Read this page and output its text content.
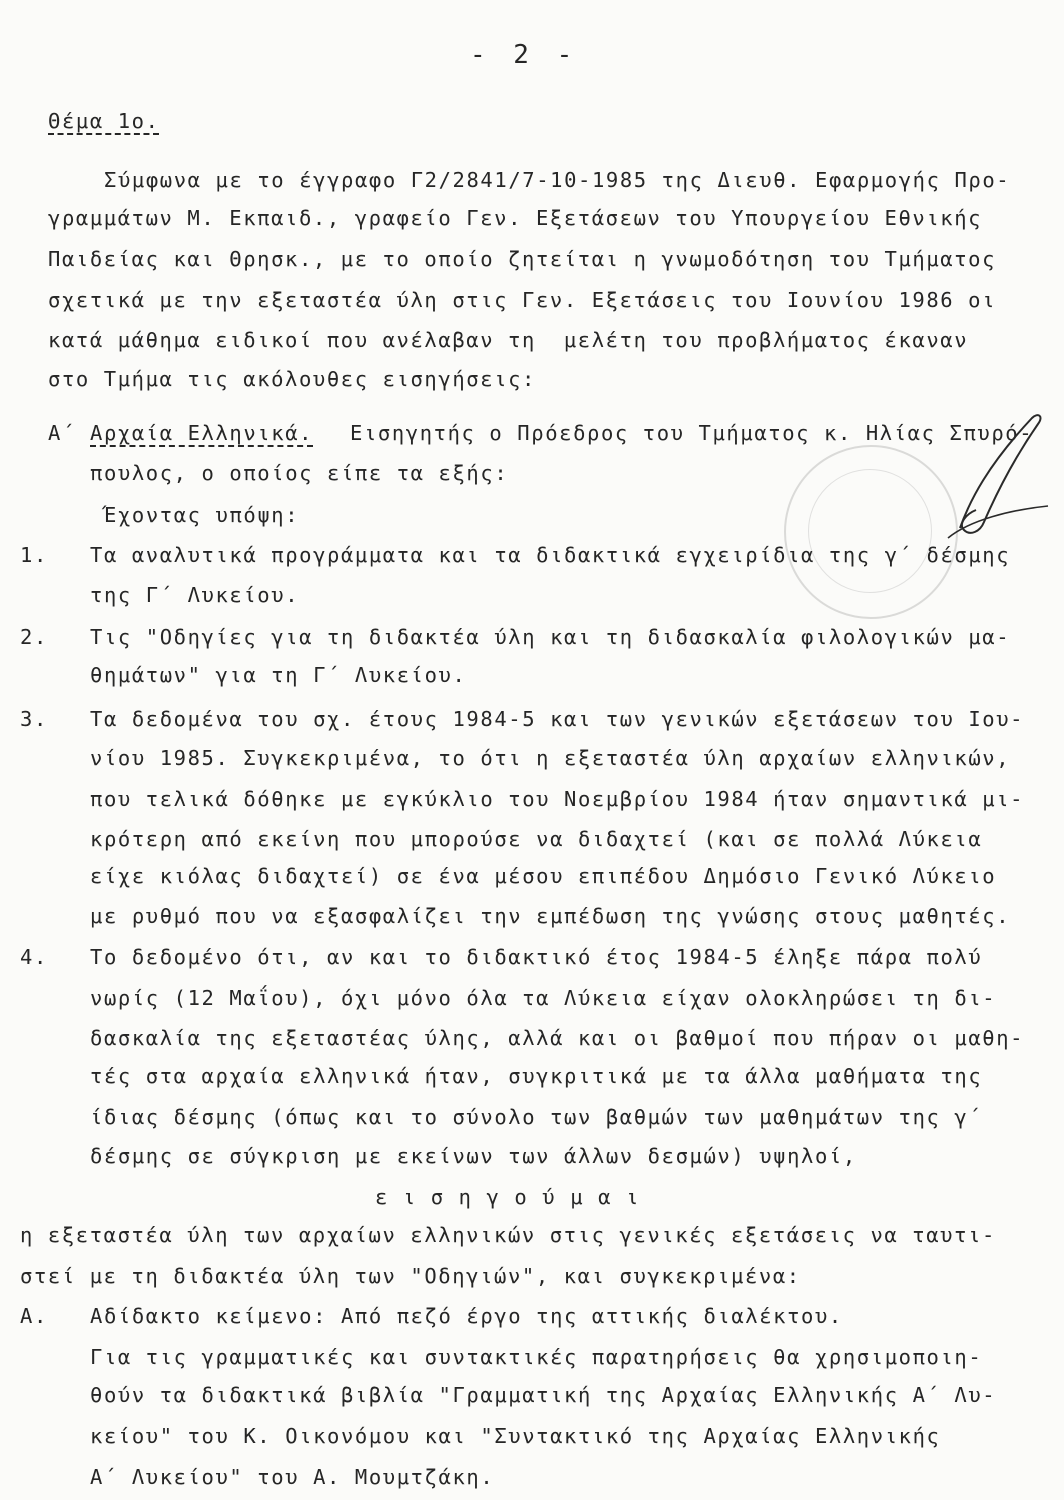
- 2 -
Θέμα 1ο.
Σύμφωνα με το έγγραφο Γ2/2841/7-10-1985 της Διευθ. Εφαρμογής Προ-
γραμμάτων Μ. Εκπαιδ., γραφείο Γεν. Εξετάσεων του Υπουργείου Εθνικής
Παιδείας και Θρησκ., με το οποίο ζητείται η γνωμοδότηση του Τμήματος
σχετικά με την εξεταστέα ύλη στις Γεν. Εξετάσεις του Ιουνίου 1986 οι
κατά μάθημα ειδικοί που ανέλαβαν τη  μελέτη του προβλήματος έκαναν
στο Τμήμα τις ακόλουθες εισηγήσεις:
Α΄ Αρχαία Ελληνικά. Εισηγητής ο Πρόεδρος του Τμήματος κ. Ηλίας Σπυρό-
πουλος, ο οποίος είπε τα εξής:
Έχοντας υπόψη:
1. Τα αναλυτικά προγράμματα και τα διδακτικά εγχειρίδια της γ΄ δέσμης
της Γ΄ Λυκείου.
2. Τις "Οδηγίες για τη διδακτέα ύλη και τη διδασκαλία φιλολογικών μα-
θημάτων" για τη Γ΄ Λυκείου.
3. Τα δεδομένα του σχ. έτους 1984-5 και των γενικών εξετάσεων του Ιου-
νίου 1985. Συγκεκριμένα, το ότι η εξεταστέα ύλη αρχαίων ελληνικών,
που τελικά δόθηκε με εγκύκλιο του Νοεμβρίου 1984 ήταν σημαντικά μι-
κρότερη από εκείνη που μπορούσε να διδαχτεί (και σε πολλά Λύκεια
είχε κιόλας διδαχτεί) σε ένα μέσου επιπέδου Δημόσιο Γενικό Λύκειο
με ρυθμό που να εξασφαλίζει την εμπέδωση της γνώσης στους μαθητές.
4. Το δεδομένο ότι, αν και το διδακτικό έτος 1984-5 έληξε πάρα πολύ
νωρίς (12 Μαΐου), όχι μόνο όλα τα Λύκεια είχαν ολοκληρώσει τη δι-
δασκαλία της εξεταστέας ύλης, αλλά και οι βαθμοί που πήραν οι μαθη-
τές στα αρχαία ελληνικά ήταν, συγκριτικά με τα άλλα μαθήματα της
ίδιας δέσμης (όπως και το σύνολο των βαθμών των μαθημάτων της γ΄
δέσμης σε σύγκριση με εκείνων των άλλων δεσμών) υψηλοί,
ε ι σ η γ ο ύ μ α ι
η εξεταστέα ύλη των αρχαίων ελληνικών στις γενικές εξετάσεις να ταυτι-
στεί με τη διδακτέα ύλη των "Οδηγιών", και συγκεκριμένα:
Α. Αδίδακτο κείμενο: Από πεζό έργο της αττικής διαλέκτου.
Για τις γραμματικές και συντακτικές παρατηρήσεις θα χρησιμοποιη-
θούν τα διδακτικά βιβλία "Γραμματική της Αρχαίας Ελληνικής Α΄ Λυ-
κείου" του Κ. Οικονόμου και "Συντακτικό της Αρχαίας Ελληνικής
Α΄ Λυκείου" του Α. Μουμτζάκη.
